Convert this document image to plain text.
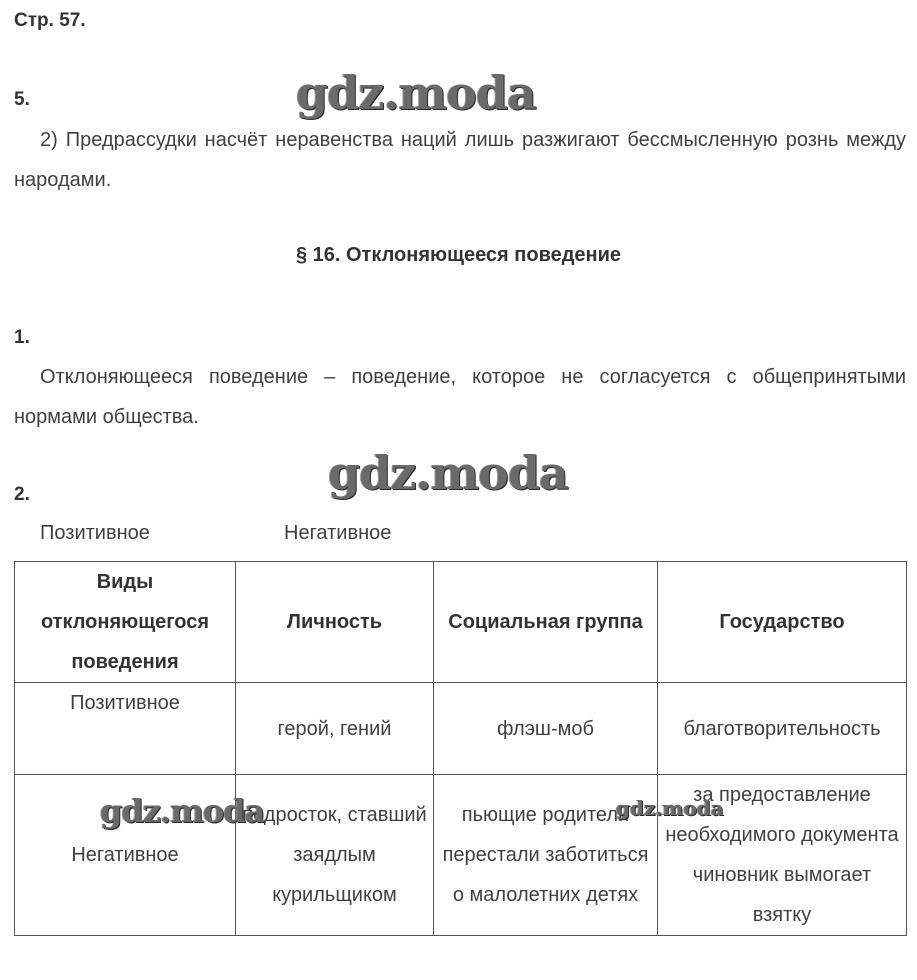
Стр. 57.
5.
2) Предрассудки насчёт неравенства наций лишь разжигают бессмысленную рознь между народами.
§ 16. Отклоняющееся поведение
1.
Отклоняющееся поведение – поведение, которое не согласуется с общепринятыми нормами общества.
2.
Позитивное	Негативное
Виды отклоняющегося поведения	Личность	Социальная группа	Государство
Позитивное	герой, гений	флэш-моб	благотворительность
Негативное	подросток, ставший заядлым курильщиком	пьющие родители перестали заботиться о малолетних детях	за предоставление необходимого документа чиновник вымогает взятку
gdz.moda
gdz.moda
gdz.moda	gdz.moda
